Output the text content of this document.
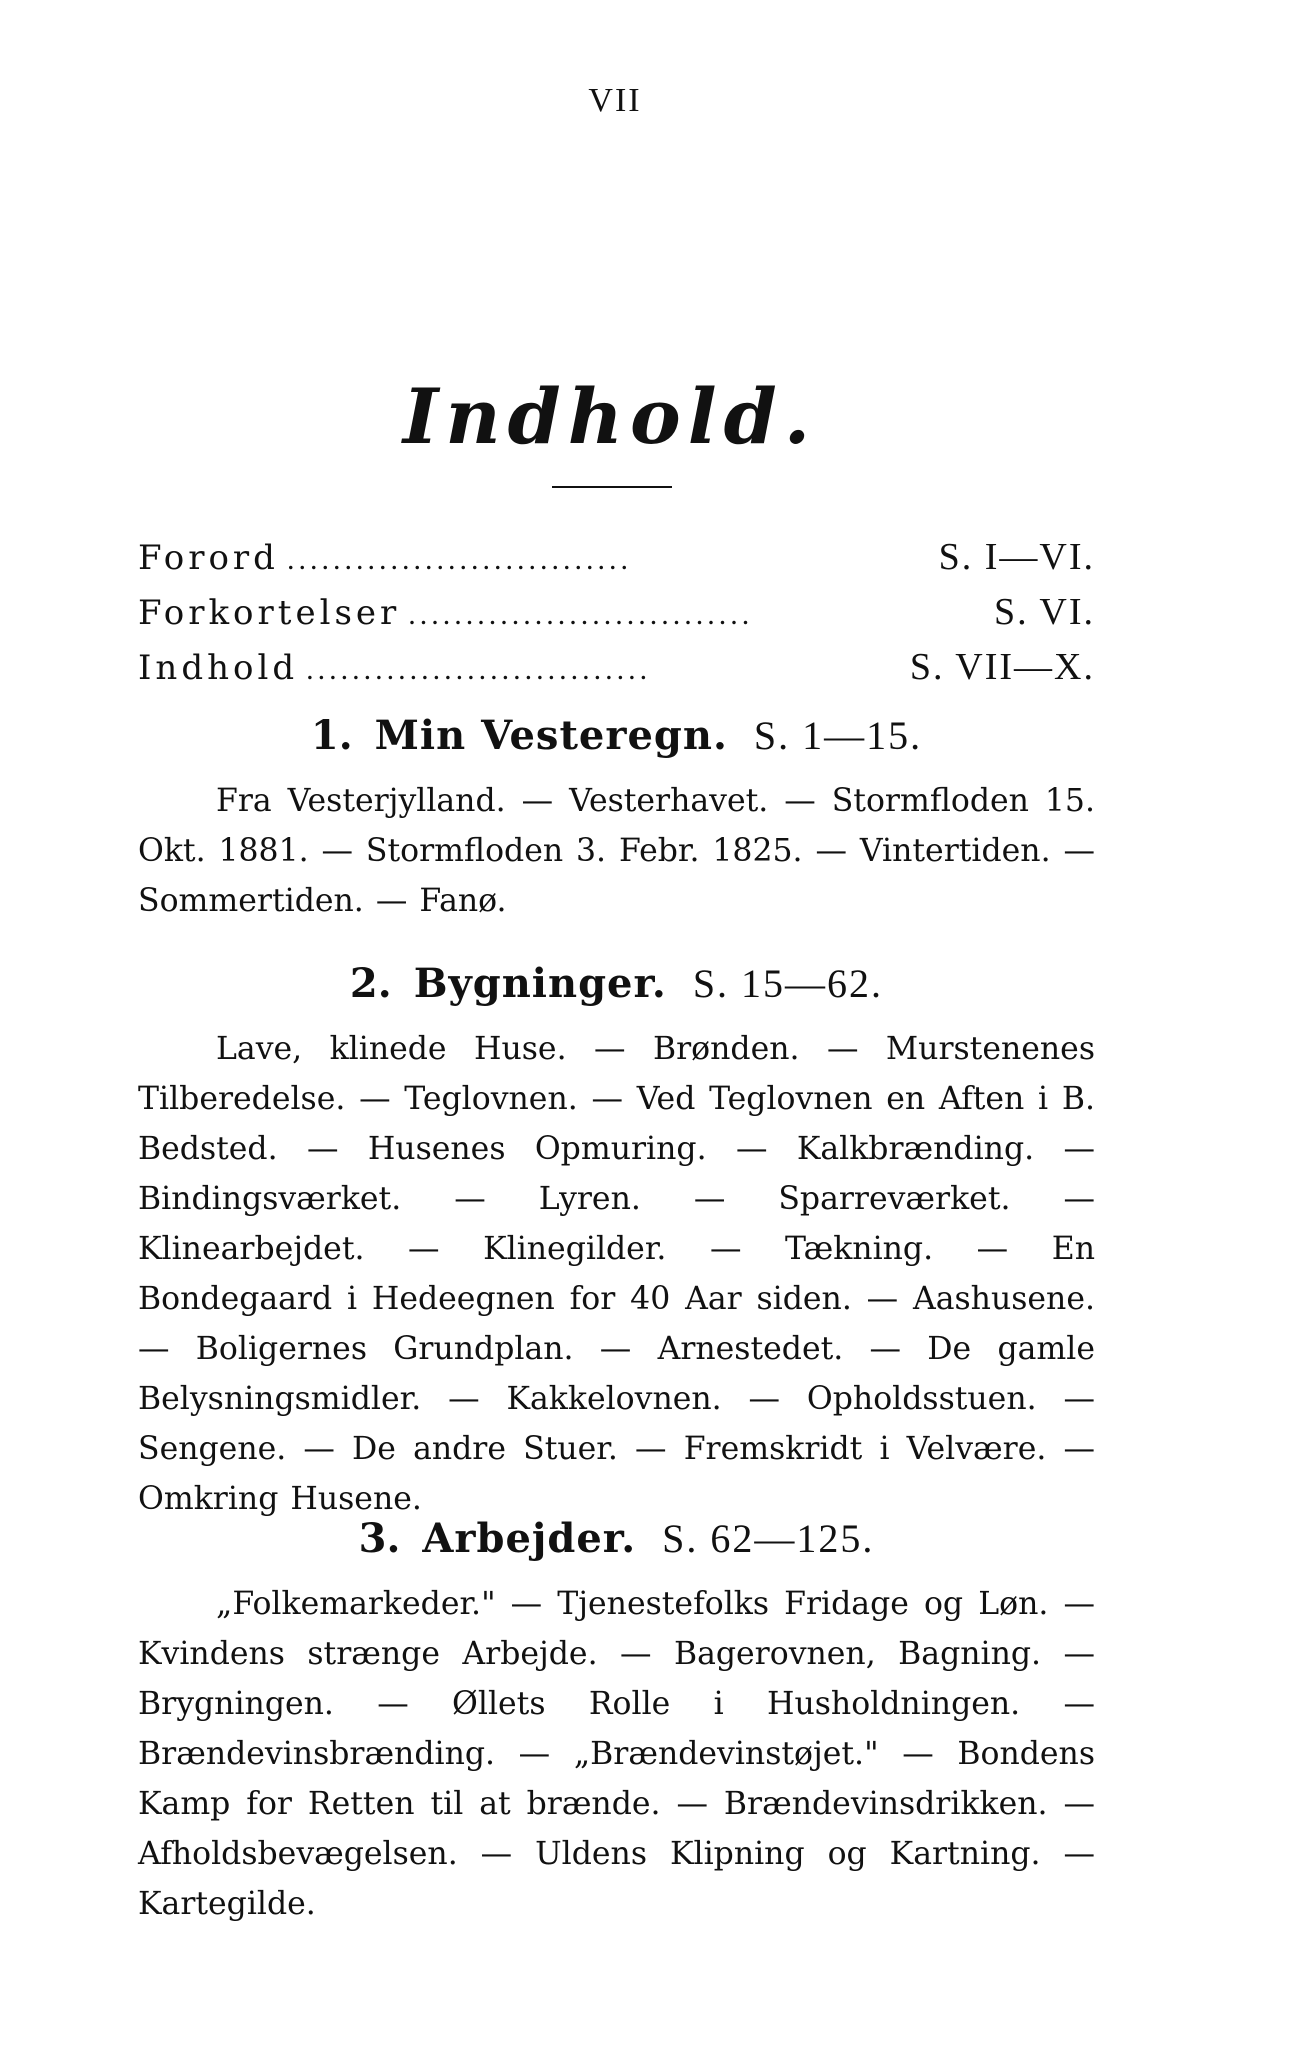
VII
Indhold.
Forord ..............................	S. I—VI.
Forkortelser ..............................	S. VI.
Indhold ..............................	S. VII—X.
1. Min Vesteregn. S. 1—15.
Fra Vesterjylland. — Vesterhavet. — Stormfloden 15. Okt. 1881. — Stormfloden 3. Febr. 1825. — Vintertiden. — Sommertiden. — Fanø.
2. Bygninger. S. 15—62.
Lave, klinede Huse. — Brønden. — Murstenenes Tilberedelse. — Teglovnen. — Ved Teglovnen en Aften i B. Bedsted. — Husenes Opmuring. — Kalkbrænding. — Bindingsværket. — Lyren. — Sparreværket. — Klinearbejdet. — Klinegilder. — Tækning. — En Bondegaard i Hedeegnen for 40 Aar siden. — Aashusene. — Boligernes Grundplan. — Arnestedet. — De gamle Belysningsmidler. — Kakkelovnen. — Opholdsstuen. — Sengene. — De andre Stuer. — Fremskridt i Velvære. — Omkring Husene.
3. Arbejder. S. 62—125.
„Folkemarkeder." — Tjenestefolks Fridage og Løn. — Kvindens strænge Arbejde. — Bagerovnen, Bagning. — Brygningen. — Øllets Rolle i Husholdningen. — Brændevinsbrænding. — „Brændevinstøjet." — Bondens Kamp for Retten til at brænde. — Brændevinsdrikken. — Afholdsbevægelsen. — Uldens Klipning og Kartning. — Kartegilde.
